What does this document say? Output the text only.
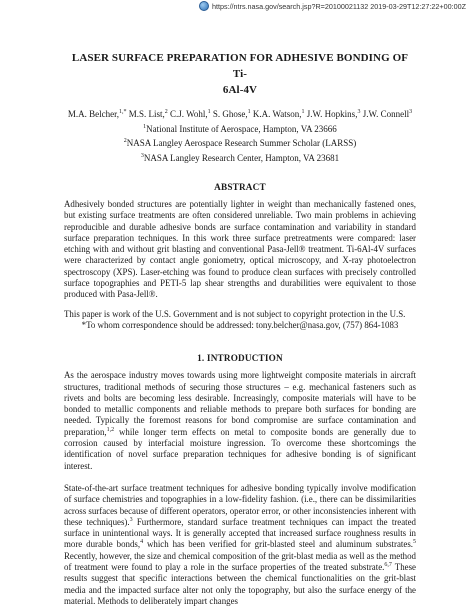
https://ntrs.nasa.gov/search.jsp?R=20100021132 2019-03-29T12:27:22+00:00Z
LASER SURFACE PREPARATION FOR ADHESIVE BONDING OF Ti-
6Al-4V
M.A. Belcher,$^{1,*}$ M.S. List,$^2$ C.J. Wohl,$^1$ S. Ghose,$^1$ K.A. Watson,$^1$ J.W. Hopkins,$^3$ J.W. Connell$^3$
$^1$National Institute of Aerospace, Hampton, VA 23666
$^2$NASA Langley Aerospace Research Summer Scholar (LARSS)
$^3$NASA Langley Research Center, Hampton, VA 23681
ABSTRACT

Adhesively bonded structures are potentially lighter in weight than mechanically fastened ones, but existing surface treatments are often considered unreliable. Two main problems in achieving reproducible and durable adhesive bonds are surface contamination and variability in standard surface preparation techniques. In this work three surface pretreatments were compared: laser etching with and without grit blasting and conventional Pasa-Jell® treatment. Ti-6Al-4V surfaces were characterized by contact angle goniometry, optical microscopy, and X-ray photoelectron spectroscopy (XPS). Laser-etching was found to produce clean surfaces with precisely controlled surface topographies and PETI-5 lap shear strengths and durabilities were equivalent to those produced with Pasa-Jell®.

This paper is work of the U.S. Government and is not subject to copyright protection in the U.S.

*To whom correspondence should be addressed: tony.belcher@nasa.gov, (757) 864-1083

1. INTRODUCTION

As the aerospace industry moves towards using more lightweight composite materials in aircraft structures, traditional methods of securing those structures – e.g. mechanical fasteners such as rivets and bolts are becoming less desirable. Increasingly, composite materials will have to be bonded to metallic components and reliable methods to prepare both surfaces for bonding are needed. Typically the foremost reasons for bond compromise are surface contamination and preparation,$^{1,2}$ while longer term effects on metal to composite bonds are generally due to corrosion caused by interfacial moisture ingression. To overcome these shortcomings the identification of novel surface preparation techniques for adhesive bonding is of significant interest.

State-of-the-art surface treatment techniques for adhesive bonding typically involve modification of surface chemistries and topographies in a low-fidelity fashion. (i.e., there can be dissimilarities across surfaces because of different operators, operator error, or other inconsistencies inherent with these techniques).$^3$ Furthermore, standard surface treatment techniques can impact the treated surface in unintentional ways. It is generally accepted that increased surface roughness results in more durable bonds,$^4$ which has been verified for grit-blasted steel and aluminum substrates.$^5$ Recently, however, the size and chemical composition of the grit-blast media as well as the method of treatment were found to play a role in the surface properties of the treated substrate.$^{6,7}$ These results suggest that specific interactions between the chemical functionalities on the grit-blast media and the impacted surface alter not only the topography, but also the surface energy of the material. Methods to deliberately impart changes
